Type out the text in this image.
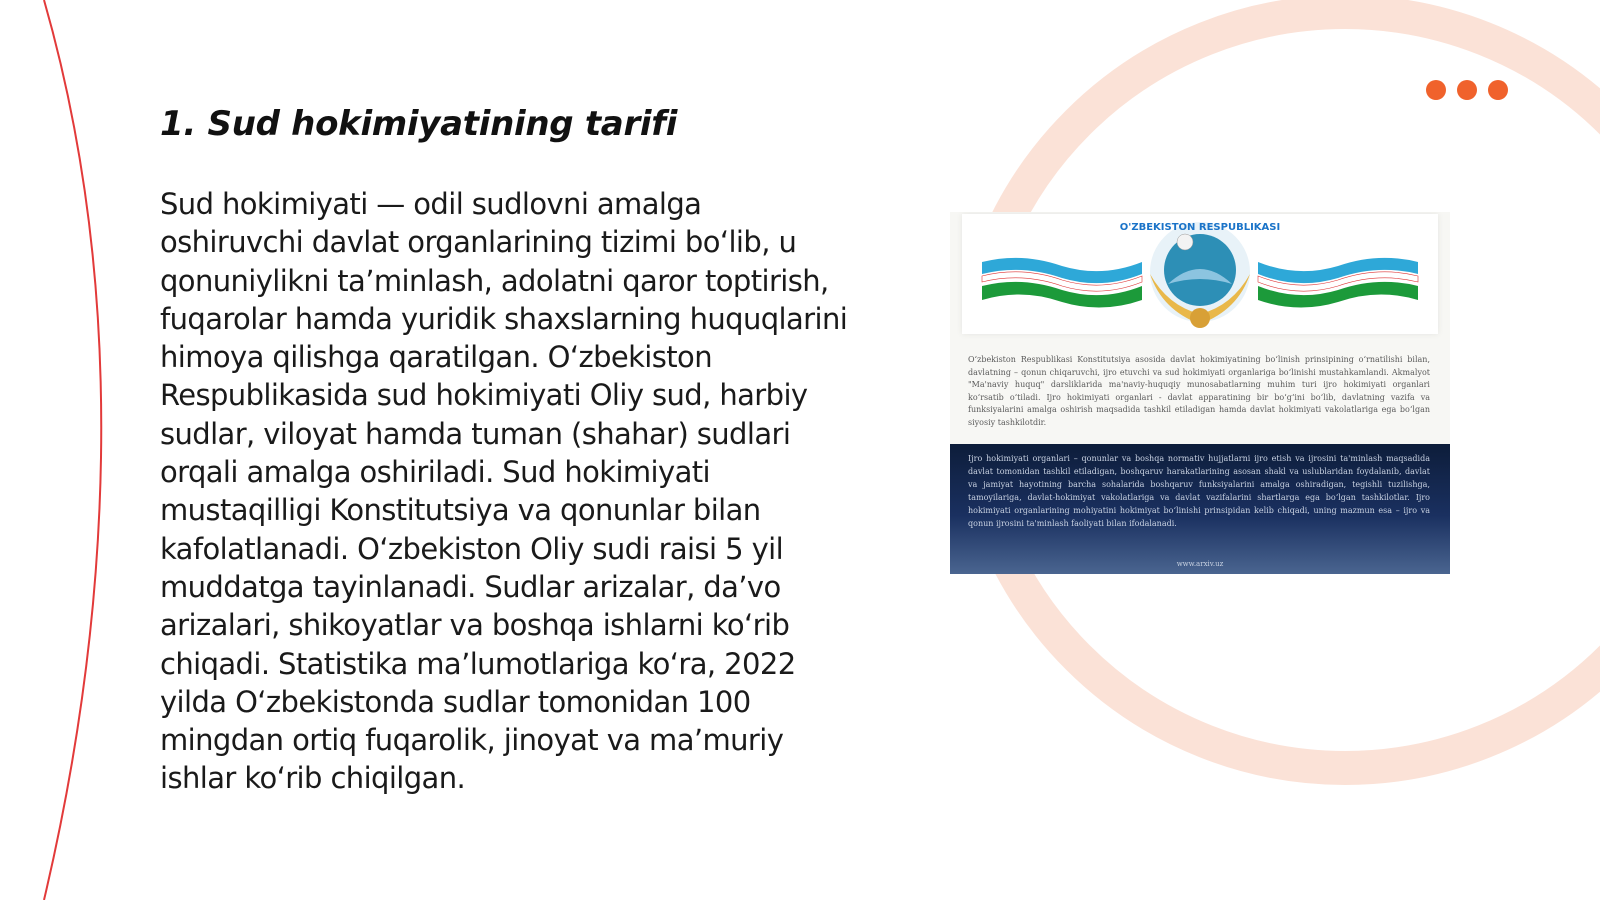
1. Sud hokimiyatining tarifi

Sud hokimiyati — odil sudlovni amalga oshiruvchi davlat organlarining tizimi bo‘lib, u qonuniylikni ta’minlash, adolatni qaror toptirish, fuqarolar hamda yuridik shaxslarning huquqlarini himoya qilishga qaratilgan. O‘zbekiston Respublikasida sud hokimiyati Oliy sud, harbiy sudlar, viloyat hamda tuman (shahar) sudlari orqali amalga oshiriladi. Sud hokimiyati mustaqilligi Konstitutsiya va qonunlar bilan kafolatlanadi. O‘zbekiston Oliy sudi raisi 5 yil muddatga tayinlanadi. Sudlar arizalar, da’vo arizalari, shikoyatlar va boshqa ishlarni ko‘rib chiqadi. Statistika ma’lumotlariga ko‘ra, 2022 yilda O‘zbekistonda sudlar tomonidan 100 mingdan ortiq fuqarolik, jinoyat va ma’muriy ishlar ko‘rib chiqilgan.

O'ZBEKISTON RESPUBLIKASI
O‘zbekiston Respublikasi Konstitutsiya asosida davlat hokimiyatining bo‘linish prinsipining o‘rnatilishi bilan, davlatning – qonun chiqaruvchi, ijro etuvchi va sud hokimiyati organlariga bo‘linishi mustahkamlandi. Akmalyot "Ma'naviy huquq" darsliklarida ma'naviy-huquqiy munosabatlarning muhim turi ijro hokimiyati organlari ko‘rsatib o‘tiladi. Ijro hokimiyati organlari - davlat apparatining bir bo‘g‘ini bo‘lib, davlatning vazifa va funksiyalarini amalga oshirish maqsadida tashkil etiladigan hamda davlat hokimiyati vakolatlariga ega bo‘lgan siyosiy tashkilotdir.
Ijro hokimiyati organlari – qonunlar va boshqa normativ hujjatlarni ijro etish va ijrosini ta'minlash maqsadida davlat tomonidan tashkil etiladigan, boshqaruv harakatlarining asosan shakl va uslublaridan foydalanib, davlat va jamiyat hayotining barcha sohalarida boshqaruv funksiyalarini amalga oshiradigan, tegishli tuzilishga, tamoyilariga, davlat-hokimiyat vakolatlariga va davlat vazifalarini shartlarga ega bo‘lgan tashkilotlar. Ijro hokimiyati organlarining mohiyatini hokimiyat bo‘linishi prinsipidan kelib chiqadi, uning mazmun esa – ijro va qonun ijrosini ta'minlash faoliyati bilan ifodalanadi.
www.arxiv.uz
